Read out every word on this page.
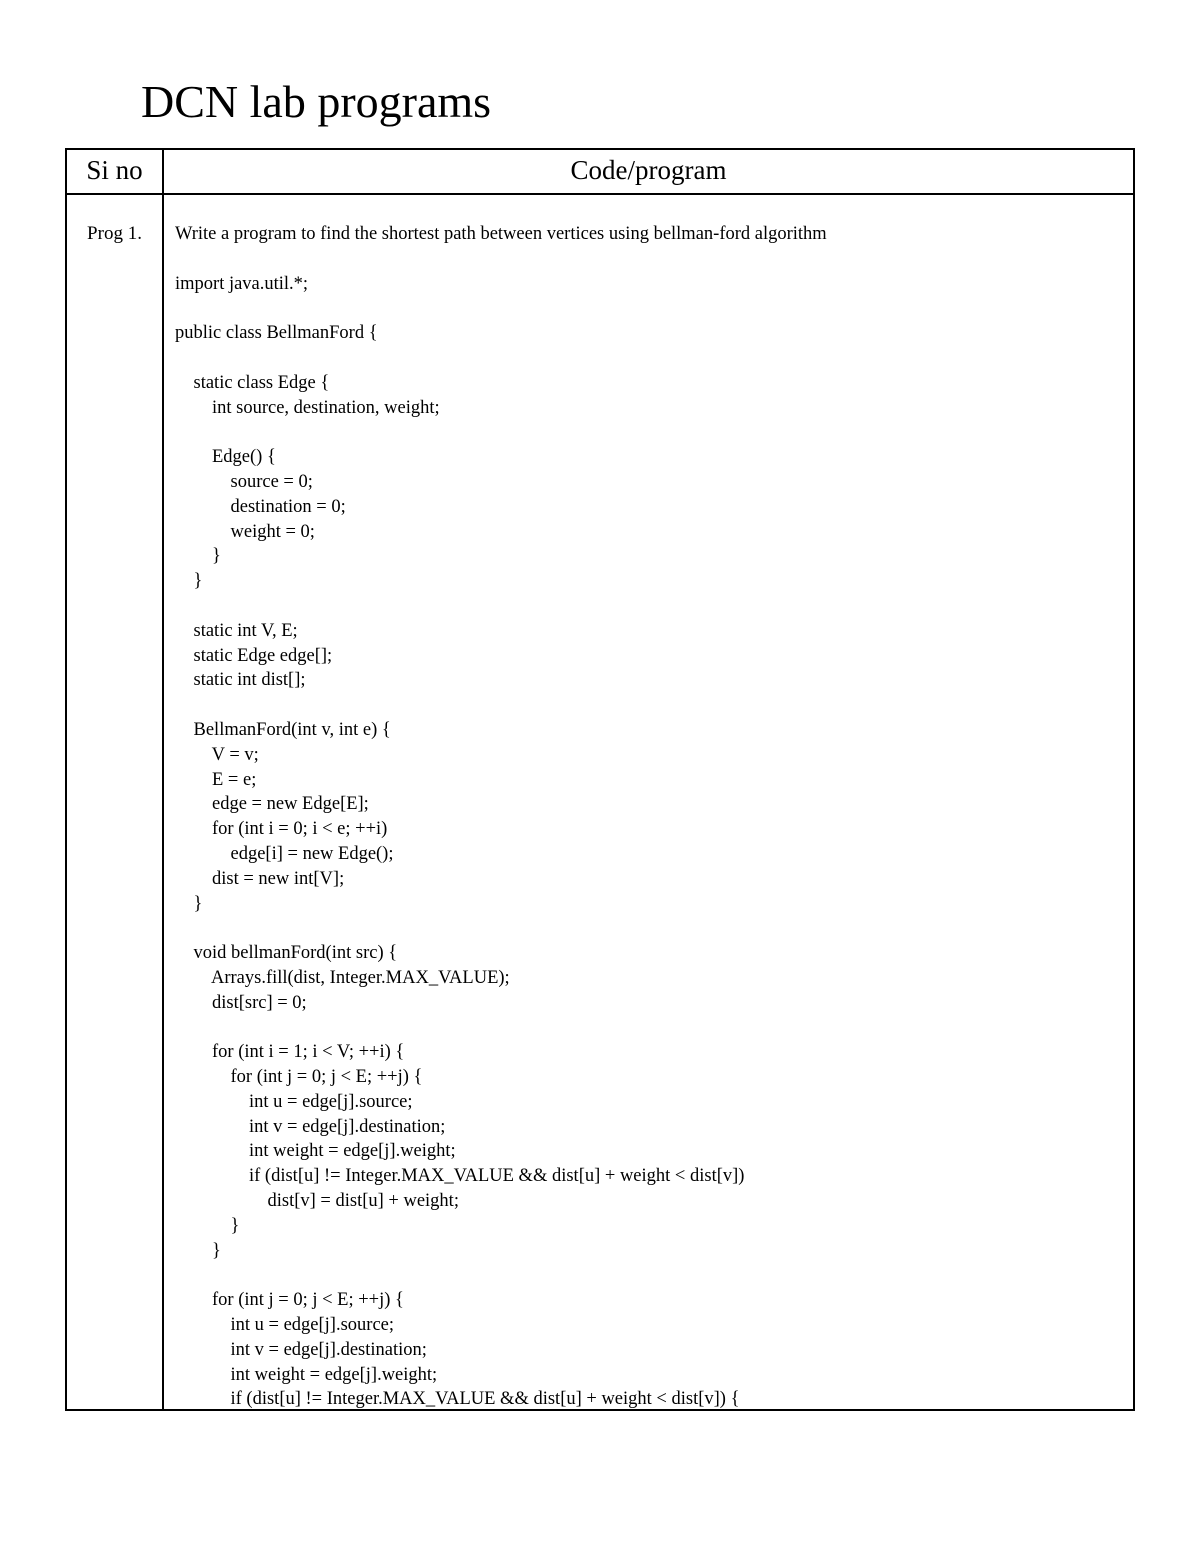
DCN lab programs
Si no	Code/program
Prog 1.	Write a program to find the shortest path between vertices using bellman-ford algorithm
import java.util.*;
public class BellmanFord {
static class Edge {
int source, destination, weight;
Edge() {
source = 0;
destination = 0;
weight = 0;
}
}
static int V, E;
static Edge edge[];
static int dist[];
BellmanFord(int v, int e) {
V = v;
E = e;
edge = new Edge[E];
for (int i = 0; i < e; ++i)
edge[i] = new Edge();
dist = new int[V];
}
void bellmanFord(int src) {
Arrays.fill(dist, Integer.MAX_VALUE);
dist[src] = 0;
for (int i = 1; i < V; ++i) {
for (int j = 0; j < E; ++j) {
int u = edge[j].source;
int v = edge[j].destination;
int weight = edge[j].weight;
if (dist[u] != Integer.MAX_VALUE && dist[u] + weight < dist[v])
dist[v] = dist[u] + weight;
}
}
for (int j = 0; j < E; ++j) {
int u = edge[j].source;
int v = edge[j].destination;
int weight = edge[j].weight;
if (dist[u] != Integer.MAX_VALUE && dist[u] + weight < dist[v]) {
